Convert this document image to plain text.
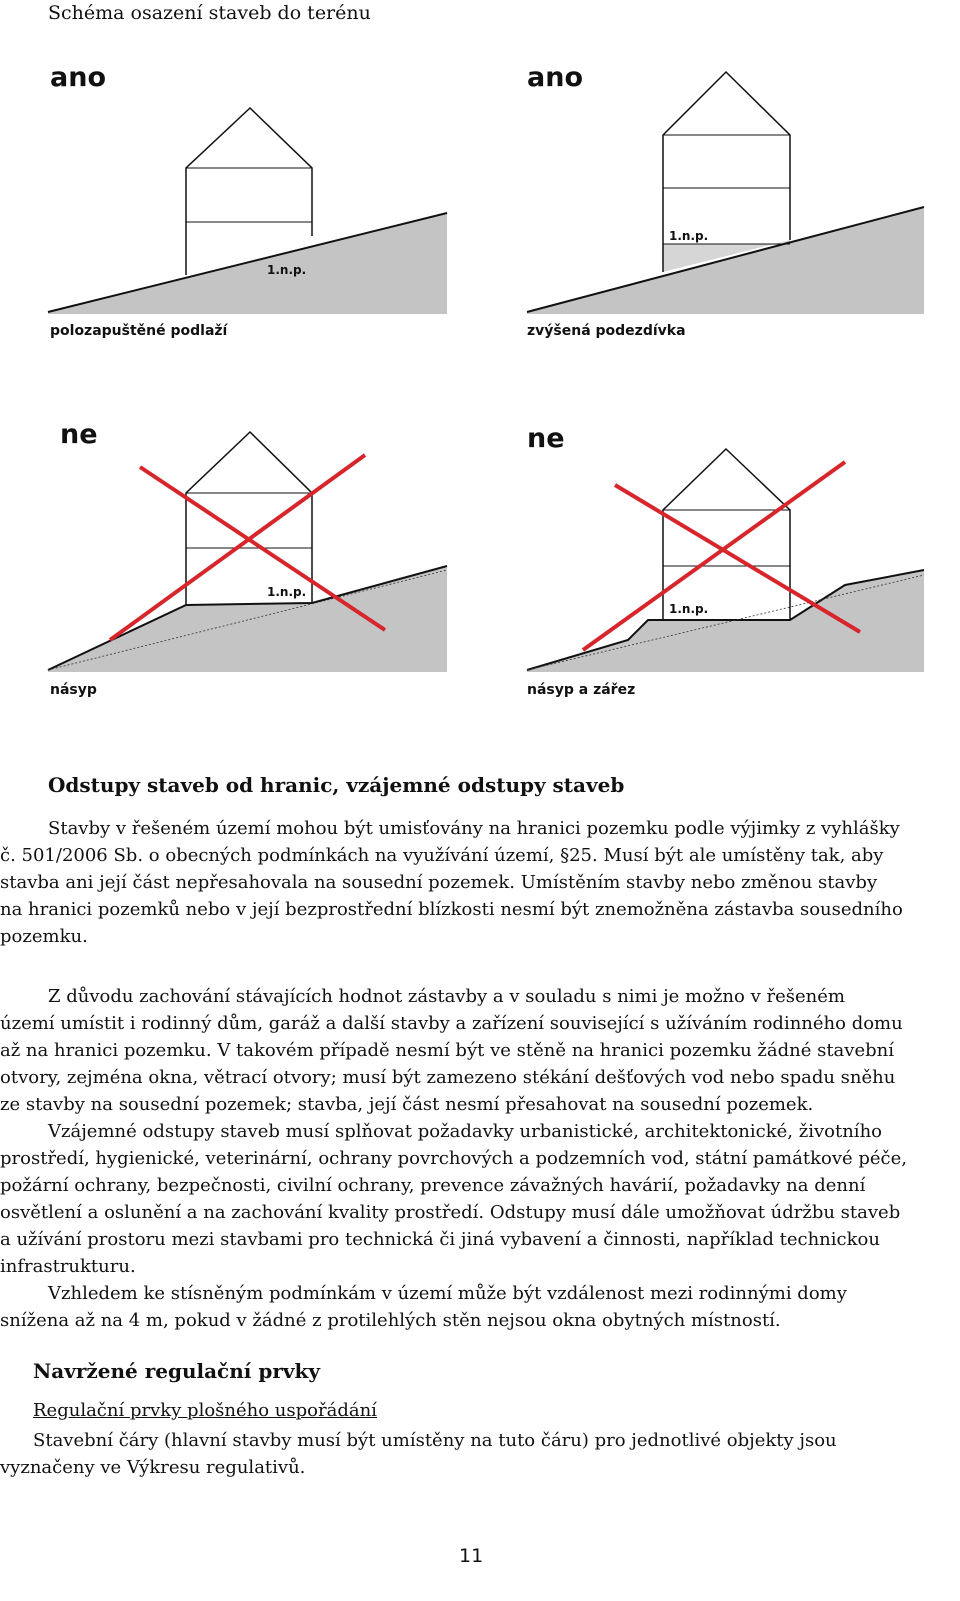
Schéma osazení staveb do terénu
ano
1.n.p.
polozapuštěné podlaží
ano
1.n.p.
zvýšená podezdívka
ne
1.n.p.
násyp
ne
1.n.p.
násyp a zářez
Odstupy staveb od hranic, vzájemné odstupy staveb
Stavby v řešeném území mohou být umisťovány na hranici pozemku podle výjimky z vyhlášky
č. 501/2006 Sb. o obecných podmínkách na využívání území, §25. Musí být ale umístěny tak, aby
stavba ani její část nepřesahovala na sousední pozemek. Umístěním stavby nebo změnou stavby
na hranici pozemků nebo v její bezprostřední blízkosti nesmí být znemožněna zástavba sousedního
pozemku.
Z důvodu zachování stávajících hodnot zástavby a v souladu s nimi je možno v řešeném
území umístit i rodinný dům, garáž a další stavby a zařízení související s užíváním rodinného domu
až na hranici pozemku. V takovém případě nesmí být ve stěně na hranici pozemku žádné stavební
otvory, zejména okna, větrací otvory; musí být zamezeno stékání dešťových vod nebo spadu sněhu
ze stavby na sousední pozemek; stavba, její část nesmí přesahovat na sousední pozemek.
Vzájemné odstupy staveb musí splňovat požadavky urbanistické, architektonické, životního
prostředí, hygienické, veterinární, ochrany povrchových a podzemních vod, státní památkové péče,
požární ochrany, bezpečnosti, civilní ochrany, prevence závažných havárií, požadavky na denní
osvětlení a oslunění a na zachování kvality prostředí. Odstupy musí dále umožňovat údržbu staveb
a užívání prostoru mezi stavbami pro technická či jiná vybavení a činnosti, například technickou
infrastrukturu.
Vzhledem ke stísněným podmínkám v území může být vzdálenost mezi rodinnými domy
snížena až na 4 m, pokud v žádné z protilehlých stěn nejsou okna obytných místností.
Navržené regulační prvky
Regulační prvky plošného uspořádání
Stavební čáry (hlavní stavby musí být umístěny na tuto čáru) pro jednotlivé objekty jsou
vyznačeny ve Výkresu regulativů.
11
